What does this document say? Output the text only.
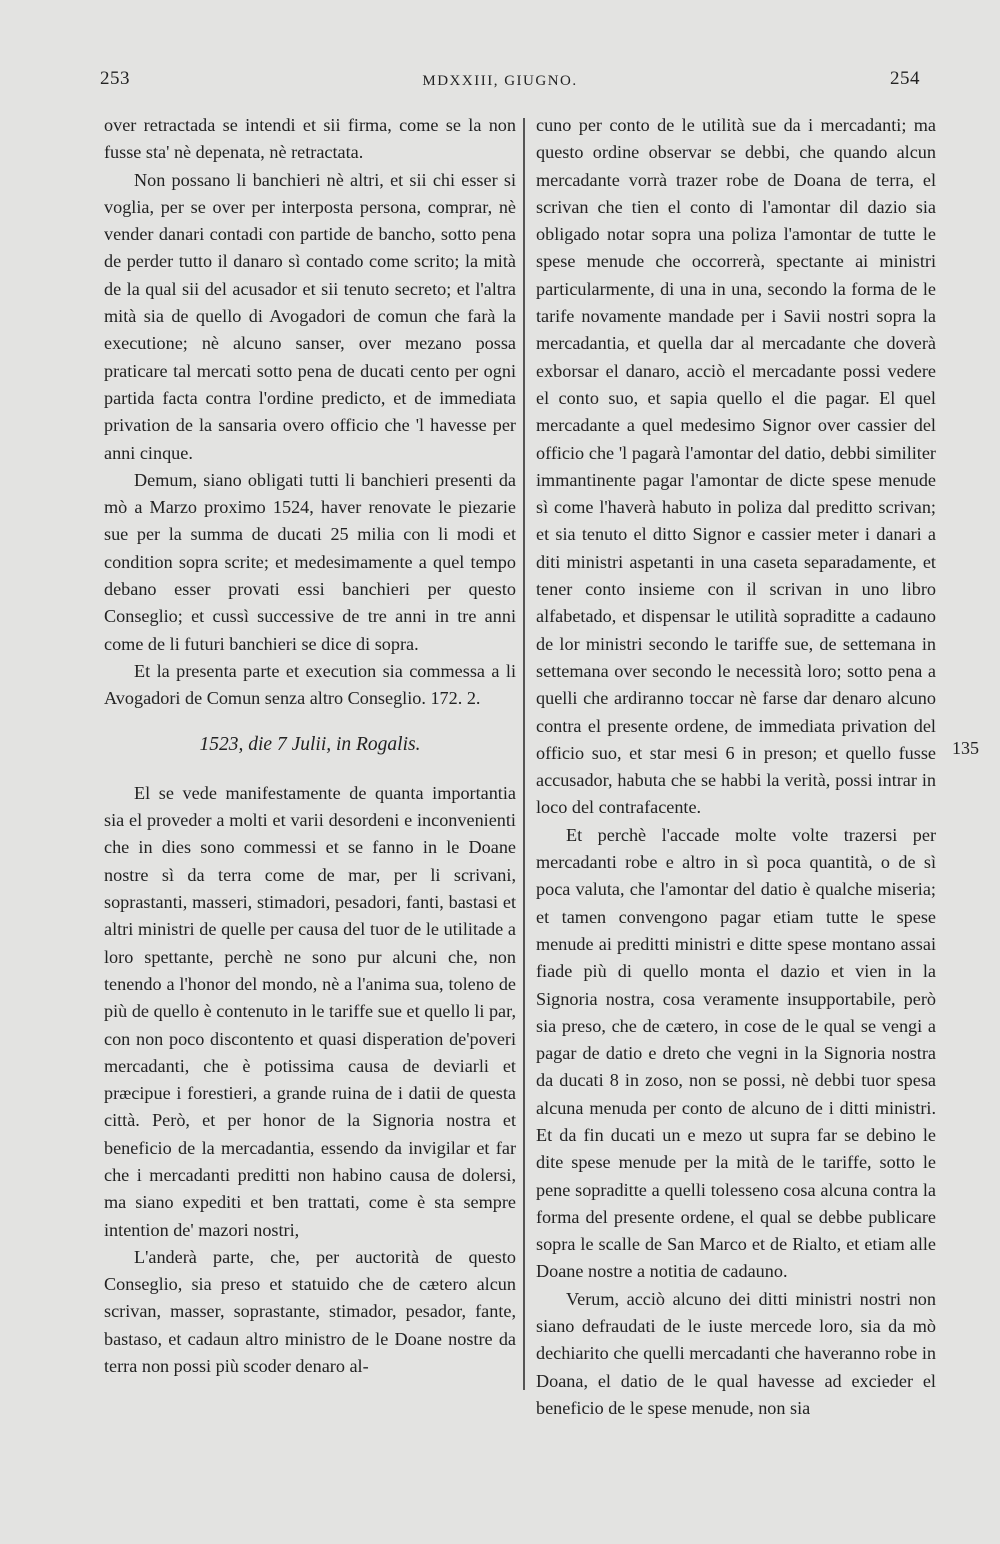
253	MDXXIII, GIUGNO.	254

over retractada se intendi et sii firma, come se la non fusse sta' nè depenata, nè retractata.

Non possano li banchieri nè altri, et sii chi esser si voglia, per se over per interposta persona, comprar, nè vender danari contadi con partide de bancho, sotto pena de perder tutto il danaro sì contado come scrito; la mità de la qual sii del acusador et sii tenuto secreto; et l'altra mità sia de quello di Avogadori de comun che farà la executione; nè alcuno sanser, over mezano possa praticare tal mercati sotto pena de ducati cento per ogni partida facta contra l'ordine predicto, et de immediata privation de la sansaria overo officio che 'l havesse per anni cinque.

Demum, siano obligati tutti li banchieri presenti da mò a Marzo proximo 1524, haver renovate le piezarie sue per la summa de ducati 25 milia con li modi et condition sopra scrite; et medesimamente a quel tempo debano esser provati essi banchieri per questo Conseglio; et cussì successive de tre anni in tre anni come de li futuri banchieri se dice di sopra.

Et la presenta parte et execution sia commessa a li Avogadori de Comun senza altro Conseglio. 172. 2.

1523, die 7 Julii, in Rogalis.

El se vede manifestamente de quanta importantia sia el proveder a molti et varii desordeni e inconvenienti che in dies sono commessi et se fanno in le Doane nostre sì da terra come de mar, per li scrivani, soprastanti, masseri, stimadori, pesadori, fanti, bastasi et altri ministri de quelle per causa del tuor de le utilitade a loro spettante, perchè ne sono pur alcuni che, non tenendo a l'honor del mondo, nè a l'anima sua, toleno de più de quello è contenuto in le tariffe sue et quello li par, con non poco discontento et quasi disperation de'poveri mercadanti, che è potissima causa de deviarli et præcipue i forestieri, a grande ruina de i datii de questa città. Però, et per honor de la Signoria nostra et beneficio de la mercadantia, essendo da invigilar et far che i mercadanti preditti non habino causa de dolersi, ma siano expediti et ben trattati, come è sta sempre intention de' mazori nostri,

L'anderà parte, che, per auctorità de questo Conseglio, sia preso et statuido che de cætero alcun scrivan, masser, soprastante, stimador, pesador, fante, bastaso, et cadaun altro ministro de le Doane nostre da terra non possi più scoder denaro al-

cuno per conto de le utilità sue da i mercadanti; ma questo ordine observar se debbi, che quando alcun mercadante vorrà trazer robe de Doana de terra, el scrivan che tien el conto di l'amontar dil dazio sia obligado notar sopra una poliza l'amontar de tutte le spese menude che occorrerà, spectante ai ministri particularmente, di una in una, secondo la forma de le tarife novamente mandade per i Savii nostri sopra la mercadantia, et quella dar al mercadante che doverà exborsar el danaro, acciò el mercadante possi vedere el conto suo, et sapia quello el die pagar. El quel mercadante a quel medesimo Signor over cassier del officio che 'l pagarà l'amontar del datio, debbi similiter immantinente pagar l'amontar de dicte spese menude sì come l'haverà habuto in poliza dal preditto scrivan; et sia tenuto el ditto Signor e cassier meter i danari a diti ministri aspetanti in una caseta separadamente, et tener conto insieme con il scrivan in uno libro alfabetado, et dispensar le utilità sopraditte a cadauno de lor ministri secondo le tariffe sue, de settemana in settemana over secondo le necessità loro; sotto pena a quelli che ardiranno toccar nè farse dar denaro alcuno contra el presente ordene, de immediata privation del officio suo, et star mesi 6 in preson; et quello fusse accusador, habuta che se habbi la verità, possi intrar in loco del contrafacente.

Et perchè l'accade molte volte trazersi per mercadanti robe e altro in sì poca quantità, o de sì poca valuta, che l'amontar del datio è qualche miseria; et tamen convengono pagar etiam tutte le spese menude ai preditti ministri e ditte spese montano assai fiade più di quello monta el dazio et vien in la Signoria nostra, cosa veramente insupportabile, però sia preso, che de cætero, in cose de le qual se vengi a pagar de datio e dreto che vegni in la Signoria nostra da ducati 8 in zoso, non se possi, nè debbi tuor spesa alcuna menuda per conto de alcuno de i ditti ministri. Et da fin ducati un e mezo ut supra far se debino le dite spese menude per la mità de le tariffe, sotto le pene sopraditte a quelli tolesseno cosa alcuna contra la forma del presente ordene, el qual se debbe publicare sopra le scalle de San Marco et de Rialto, et etiam alle Doane nostre a notitia de cadauno.

Verum, acciò alcuno dei ditti ministri nostri non siano defraudati de le iuste mercede loro, sia da mò dechiarito che quelli mercadanti che haveranno robe in Doana, el datio de le qual havesse ad excieder el beneficio de le spese menude, non sia

135
